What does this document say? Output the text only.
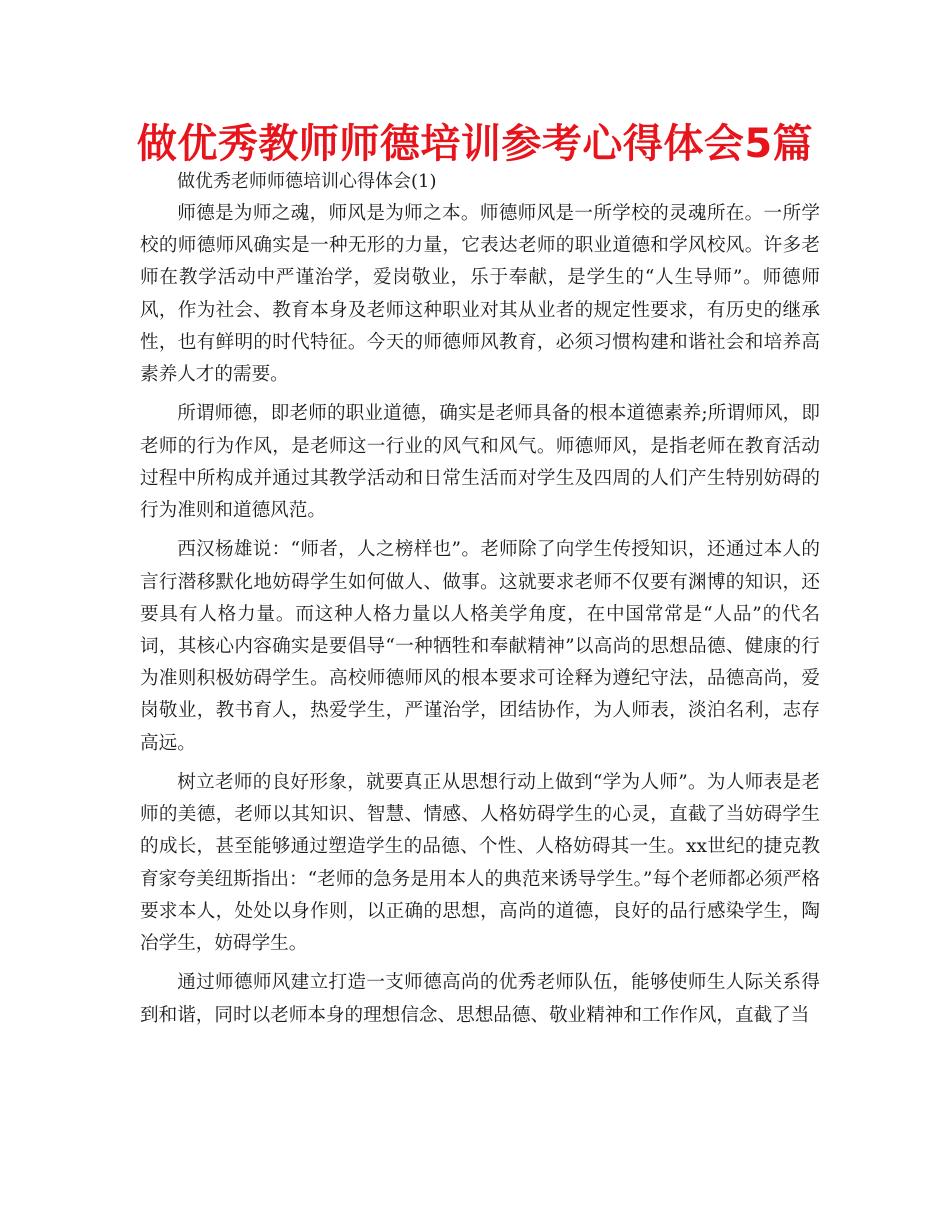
做优秀教师师德培训参考心得体会5篇
做优秀老师师德培训心得体会(1)

师德是为师之魂，师风是为师之本。师德师风是一所学校的灵魂所在。一所学校的师德师风确实是一种无形的力量，它表达老师的职业道德和学风校风。许多老师在教学活动中严谨治学，爱岗敬业，乐于奉献，是学生的“人生导师”。师德师风，作为社会、教育本身及老师这种职业对其从业者的规定性要求，有历史的继承性，也有鲜明的时代特征。今天的师德师风教育，必须习惯构建和谐社会和培养高素养人才的需要。

所谓师德，即老师的职业道德，确实是老师具备的根本道德素养;所谓师风，即老师的行为作风，是老师这一行业的风气和风气。师德师风，是指老师在教育活动过程中所构成并通过其教学活动和日常生活而对学生及四周的人们产生特别妨碍的行为准则和道德风范。

西汉杨雄说：“师者，人之榜样也”。老师除了向学生传授知识，还通过本人的言行潜移默化地妨碍学生如何做人、做事。这就要求老师不仅要有渊博的知识，还要具有人格力量。而这种人格力量以人格美学角度，在中国常常是“人品”的代名词，其核心内容确实是要倡导“一种牺牲和奉献精神”以高尚的思想品德、健康的行为准则积极妨碍学生。高校师德师风的根本要求可诠释为遵纪守法，品德高尚，爱岗敬业，教书育人，热爱学生，严谨治学，团结协作，为人师表，淡泊名利，志存高远。

树立老师的良好形象，就要真正从思想行动上做到“学为人师”。为人师表是老师的美德，老师以其知识、智慧、情感、人格妨碍学生的心灵，直截了当妨碍学生的成长，甚至能够通过塑造学生的品德、个性、人格妨碍其一生。xx世纪的捷克教育家夸美纽斯指出：“老师的急务是用本人的典范来诱导学生。”每个老师都必须严格要求本人，处处以身作则，以正确的思想，高尚的道德，良好的品行感染学生，陶冶学生，妨碍学生。

通过师德师风建立打造一支师德高尚的优秀老师队伍，能够使师生人际关系得到和谐，同时以老师本身的理想信念、思想品德、敬业精神和工作作风，直截了当
